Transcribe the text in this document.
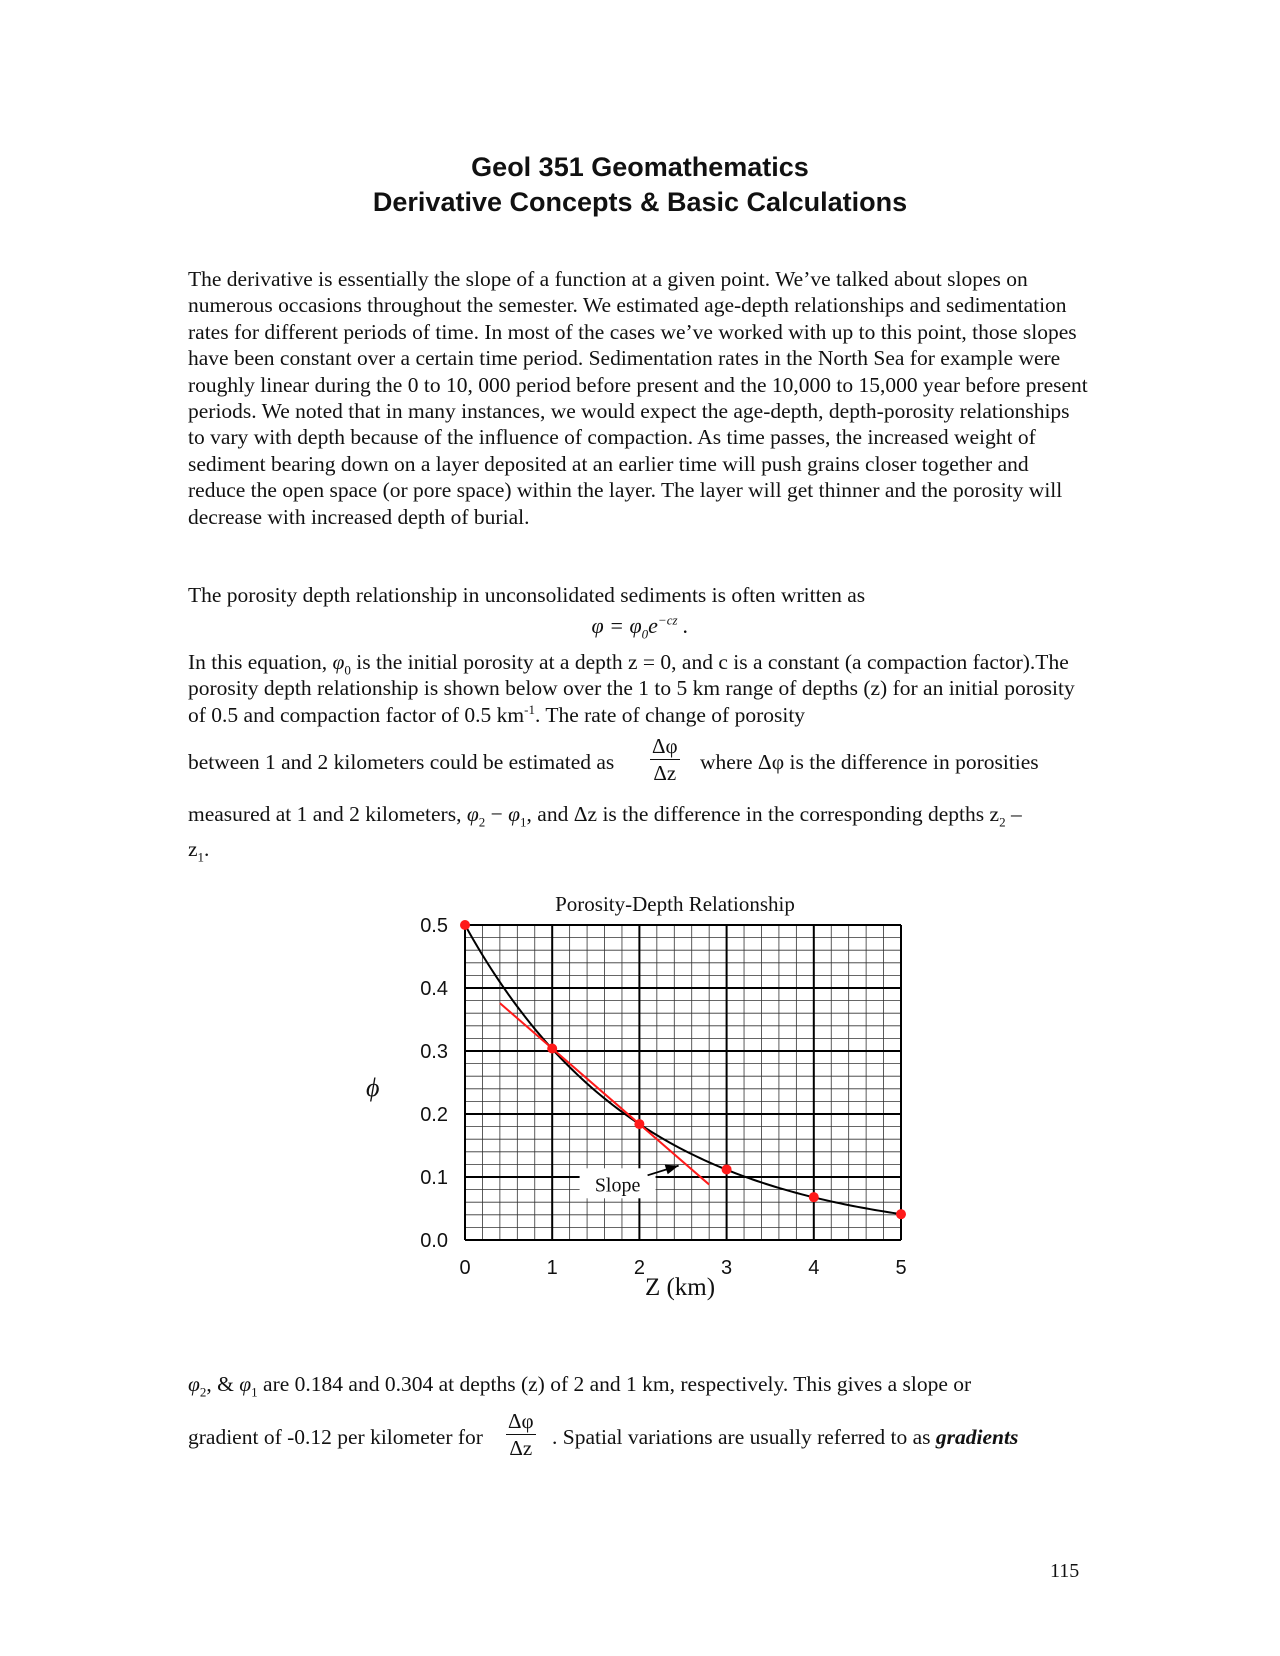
Geol 351 Geomathematics
Derivative Concepts & Basic Calculations
The derivative is essentially the slope of a function at a given point. We’ve talked about slopes on numerous occasions throughout the semester. We estimated age-depth relationships and sedimentation rates for different periods of time. In most of the cases we’ve worked with up to this point, those slopes have been constant over a certain time period. Sedimentation rates in the North Sea for example were roughly linear during the 0 to 10, 000 period before present and the 10,000 to 15,000 year before present periods. We noted that in many instances, we would expect the age-depth, depth-porosity relationships to vary with depth because of the influence of compaction. As time passes, the increased weight of sediment bearing down on a layer deposited at an earlier time will push grains closer together and reduce the open space (or pore space) within the layer. The layer will get thinner and the porosity will decrease with increased depth of burial.
The porosity depth relationship in unconsolidated sediments is often written as
$\varphi = \varphi_0e^{-cz}$ .
In this equation, $\varphi_0$ is the initial porosity at a depth z = 0, and c is a constant (a compaction factor).The porosity depth relationship is shown below over the 1 to 5 km range of depths (z) for an initial porosity of 0.5 and compaction factor of 0.5 $km^{-1}$. The rate of change of porosity
between 1 and 2 kilometers could be estimated as $\frac{\Delta\varphi}{\Delta z}$ where Δφ is the difference in porosities
measured at 1 and 2 kilometers, $\varphi_2 - \varphi_1$, and Δz is the difference in the corresponding depths $z_2$ –
$z_1$.
Porosity-Depth Relationship
ϕ
Z (km)
0	1	2	3	4	5
0.0
0.1
0.2
0.3
0.4
0.5
Slope
$\varphi_2$, & $\varphi_1$ are 0.184 and 0.304 at depths (z) of 2 and 1 km, respectively. This gives a slope or
gradient of -0.12 per kilometer for $\frac{\Delta\varphi}{\Delta z}$ . Spatial variations are usually referred to as gradients
115
